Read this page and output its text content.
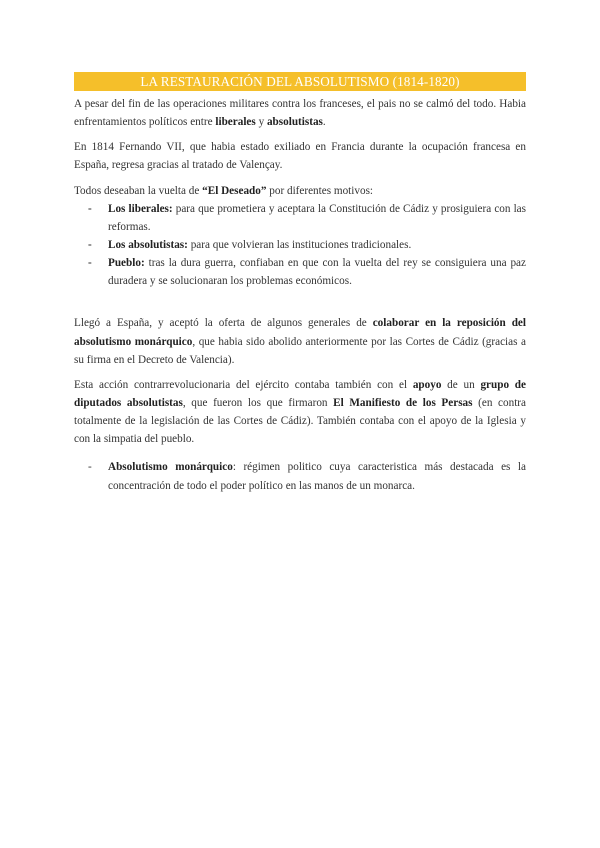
LA RESTAURACIÓN DEL ABSOLUTISMO (1814-1820)

A pesar del fin de las operaciones militares contra los franceses, el pais no se calmó del todo. Habia enfrentamientos políticos entre liberales y absolutistas.

En 1814 Fernando VII, que habia estado exiliado en Francia durante la ocupación francesa en España, regresa gracias al tratado de Valençay.

Todos deseaban la vuelta de “El Deseado” por diferentes motivos:

- Los liberales: para que prometiera y aceptara la Constitución de Cádiz y prosiguiera con las reformas.
- Los absolutistas: para que volvieran las instituciones tradicionales.
- Pueblo: tras la dura guerra, confiaban en que con la vuelta del rey se consiguiera una paz duradera y se solucionaran los problemas económicos.

Llegó a España, y aceptó la oferta de algunos generales de colaborar en la reposición del absolutismo monárquico, que habia sido abolido anteriormente por las Cortes de Cádiz (gracias a su firma en el Decreto de Valencia).

Esta acción contrarrevolucionaria del ejército contaba también con el apoyo de un grupo de diputados absolutistas, que fueron los que firmaron El Manifiesto de los Persas (en contra totalmente de la legislación de las Cortes de Cádiz). También contaba con el apoyo de la Iglesia y con la simpatia del pueblo.

- Absolutismo monárquico: régimen politico cuya caracteristica más destacada es la concentración de todo el poder político en las manos de un monarca.
